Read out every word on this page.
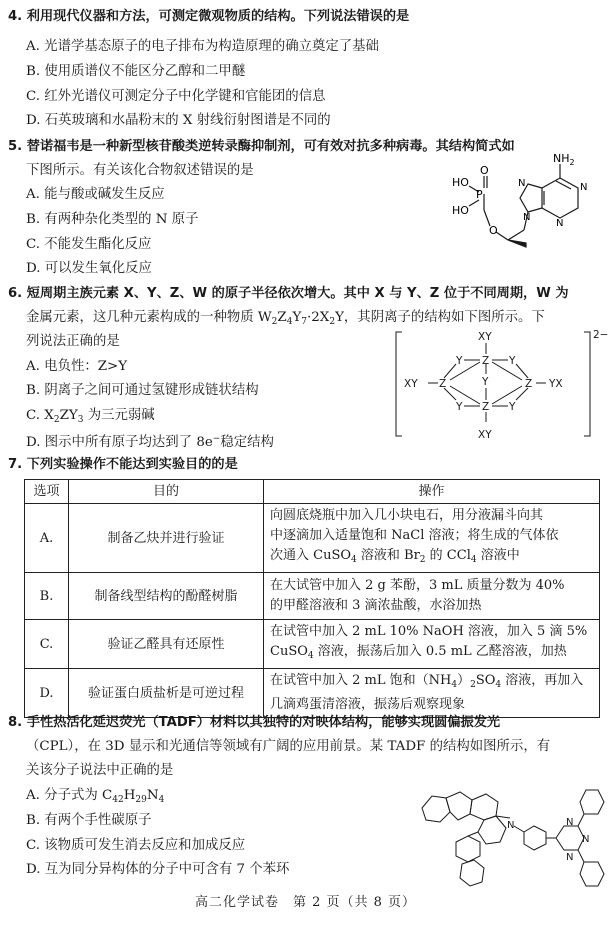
4. 利用现代仪器和方法，可测定微观物质的结构。下列说法错误的是
A. 光谱学基态原子的电子排布为构造原理的确立奠定了基础
B. 使用质谱仪不能区分乙醇和二甲醚
C. 红外光谱仪可测定分子中化学键和官能团的信息
D. 石英玻璃和水晶粉末的 X 射线衍射图谱是不同的
5. 替诺福韦是一种新型核苷酸类逆转录酶抑制剂，可有效对抗多种病毒。其结构简式如
下图所示。有关该化合物叙述错误的是
A. 能与酸或碱发生反应
B. 有两种杂化类型的 N 原子
C. 不能发生酯化反应
D. 可以发生氧化反应
$NH_2$
P
O
HO
HO
O
N
N
N
N
6. 短周期主族元素 X、Y、Z、W 的原子半径依次增大。其中 X 与 Y、Z 位于不同周期，W 为
金属元素，这几种元素构成的一种物质 $W_2Z_4Y_7\cdot 2X_2Y$，其阴离子的结构如下图所示。下
列说法正确的是
A. 电负性：Z>Y
B. 阴离子之间可通过氢键形成链状结构
C. $X_2ZY_3$ 为三元弱碱
D. 图示中所有原子均达到了 8e−稳定结构
2−
XY
XY
XY	YX
Z
Z
Z	Z
Y
Y	Y
Y	Y
7. 下列实验操作不能达到实验目的的是
选项	目的	操作
A.	制备乙炔并进行验证	向圆底烧瓶中加入几小块电石，用分液漏斗向其
中逐滴加入适量饱和 NaCl 溶液；将生成的气体依
次通入 CuSO$_4$ 溶液和 $Br_2$ 的 CCl$_4$ 溶液中

B.	制备线型结构的酚醛树脂	在大试管中加入 2 g 苯酚，3 mL 质量分数为 40%
的甲醛溶液和 3 滴浓盐酸，水浴加热

C.	验证乙醛具有还原性	在试管中加入 2 mL 10% NaOH 溶液，加入 5 滴 5%
CuSO$_4$ 溶液，振荡后加入 0.5 mL 乙醛溶液，加热

D.	验证蛋白质盐析是可逆过程	在试管中加入 2 mL 饱和$(NH_4)_2SO_4$ 溶液，再加入
几滴鸡蛋清溶液，振荡后观察现象
8. 手性热活化延迟荧光（TADF）材料以其独特的对映体结构，能够实现圆偏振发光
（CPL），在 3D 显示和光通信等领域有广阔的应用前景。某 TADF 的结构如图所示，有
关该分子说法中正确的是
A. 分子式为 $C_{42}H_{29}N_4$
B. 有两个手性碳原子
C. 该物质可发生消去反应和加成反应
D. 互为同分异构体的分子中可含有 7 个苯环
N	N
N
N
高二化学试卷　第 2 页（共 8 页）
